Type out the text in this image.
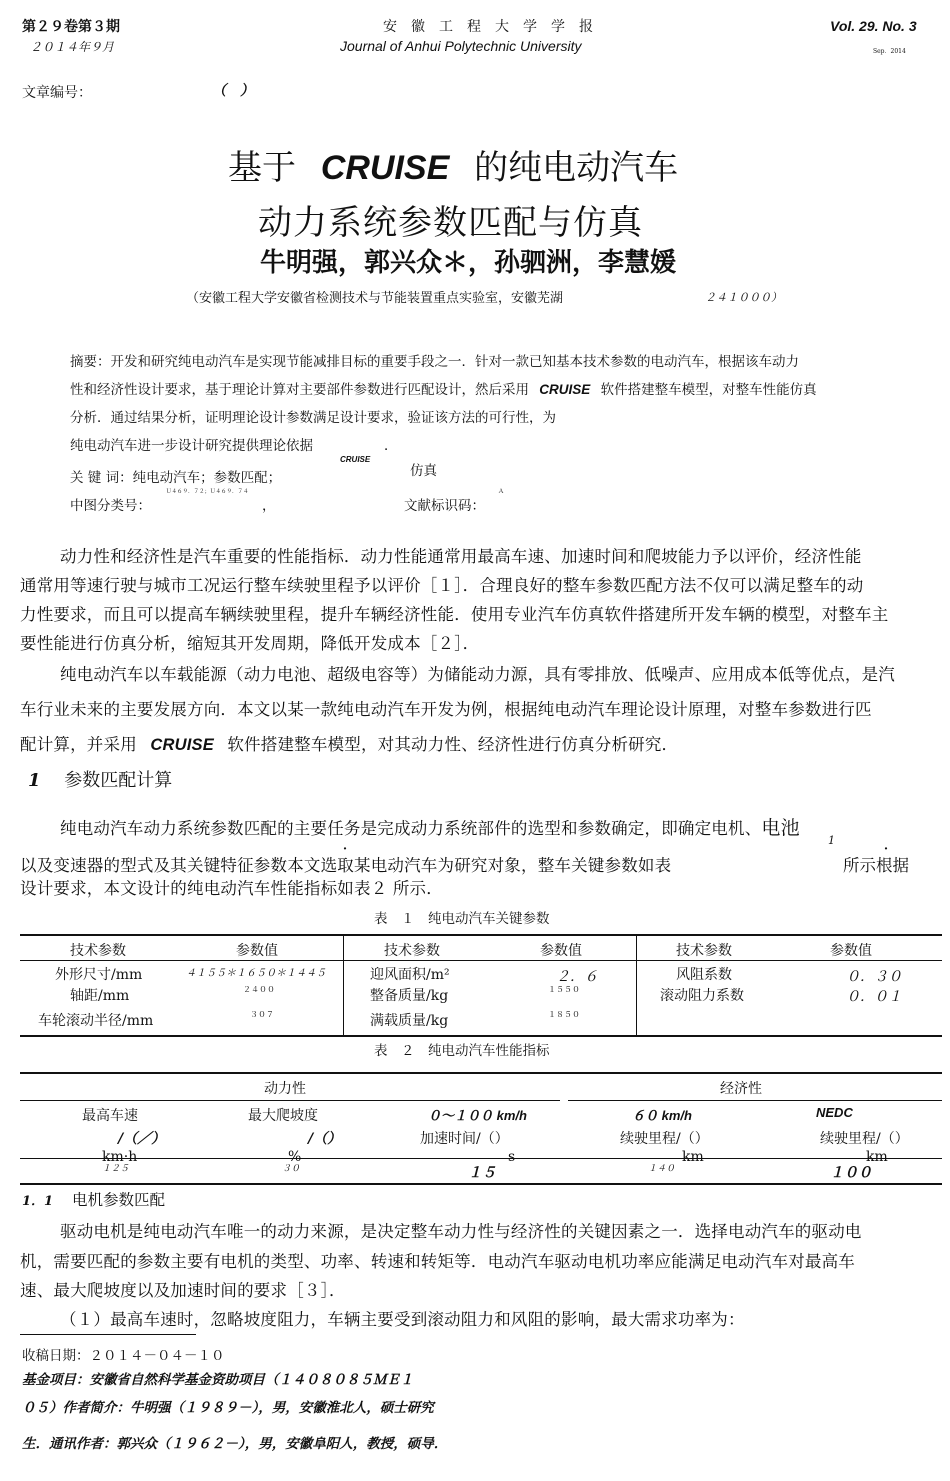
第２９卷第３期
２０１４年９月
安　徽　工　程　大　学　学　报
Journal of Anhui Polytechnic University
Vol. 29. No. 3
Sep．2014
文章编号：	（　）
基于 CRUISE 的纯电动汽车
动力系统参数匹配与仿真
牛明强，郭兴众＊，孙驷洲，李慧媛
（安徽工程大学安徽省检测技术与节能装置重点实验室，安徽芜湖	２４１０００）
摘要：开发和研究纯电动汽车是实现节能减排目标的重要手段之一．针对一款已知基本技术参数的电动汽车，根据该车动力
性和经济性设计要求，基于理论计算对主要部件参数进行匹配设计，然后采用 CRUISE 软件搭建整车模型，对整车性能仿真
分析．通过结果分析，证明理论设计参数满足设计要求，验证该方法的可行性，为
纯电动汽车进一步设计研究提供理论依据	．
关 键 词：纯电动汽车；参数匹配；
CRUISE
仿真
中图分类号：
Ｕ４６９．７２；Ｕ４６９．７４
，	文献标识码：
Ａ
动力性和经济性是汽车重要的性能指标．动力性能通常用最高车速、加速时间和爬坡能力予以评价，经济性能
通常用等速行驶与城市工况运行整车续驶里程予以评价［１］．合理良好的整车参数匹配方法不仅可以满足整车的动
力性要求，而且可以提高车辆续驶里程，提升车辆经济性能．使用专业汽车仿真软件搭建所开发车辆的模型，对整车主
要性能进行仿真分析，缩短其开发周期，降低开发成本［２］．
纯电动汽车以车载能源（动力电池、超级电容等）为储能动力源，具有零排放、低噪声、应用成本低等优点，是汽
车行业未来的主要发展方向．本文以某一款纯电动汽车开发为例，根据纯电动汽车理论设计原理，对整车参数进行匹
配计算，并采用 CRUISE 软件搭建整车模型，对其动力性、经济性进行仿真分析研究．
1 参数匹配计算
纯电动汽车动力系统参数匹配的主要任务是完成动力系统部件的选型和参数确定，即确定电机、电池
．	1	．
以及变速器的型式及其关键特征参数本文选取某电动汽车为研究对象，整车关键参数如表	所示根据
设计要求，本文设计的纯电动汽车性能指标如表２ 所示．
表　１　纯电动汽车关键参数
技术参数	参数值	技术参数	参数值	技术参数	参数值
外形尺寸/mm	４１５５＊１６５０＊１４４５	迎风面积/m²	２．６	风阻系数	０．３０
轴距/mm	２４００	整备质量/kg	１５５０	滚动阻力系数	０．０１
车轮滚动半径/mm	３０７	满载质量/kg	１８５０
表　２　纯电动汽车性能指标
动力性	经济性
最高车速	最大爬坡度	０～１００ km/h	６０ km/h	NEDC
/（／）	/（）	加速时间/（）	续驶里程/（）	续驶里程/（）
km·h	%	s	km	km
１２５	３０	１５	１４０	１００
1．1 电机参数匹配
驱动电机是纯电动汽车唯一的动力来源，是决定整车动力性与经济性的关键因素之一．选择电动汽车的驱动电
机，需要匹配的参数主要有电机的类型、功率、转速和转矩等．电动汽车驱动电机功率应能满足电动汽车对最高车
速、最大爬坡度以及加速时间的要求［３］．
（１）最高车速时，忽略坡度阻力，车辆主要受到滚动阻力和风阻的影响，最大需求功率为：
收稿日期：２０１４－０４－１０
基金项目：安徽省自然科学基金资助项目（１４０８０８５ＭＥ１
０５）作者简介：牛明强（１９８９－），男，安徽淮北人，硕士研究
生．通讯作者：郭兴众（１９６２－），男，安徽阜阳人，教授，硕导．
